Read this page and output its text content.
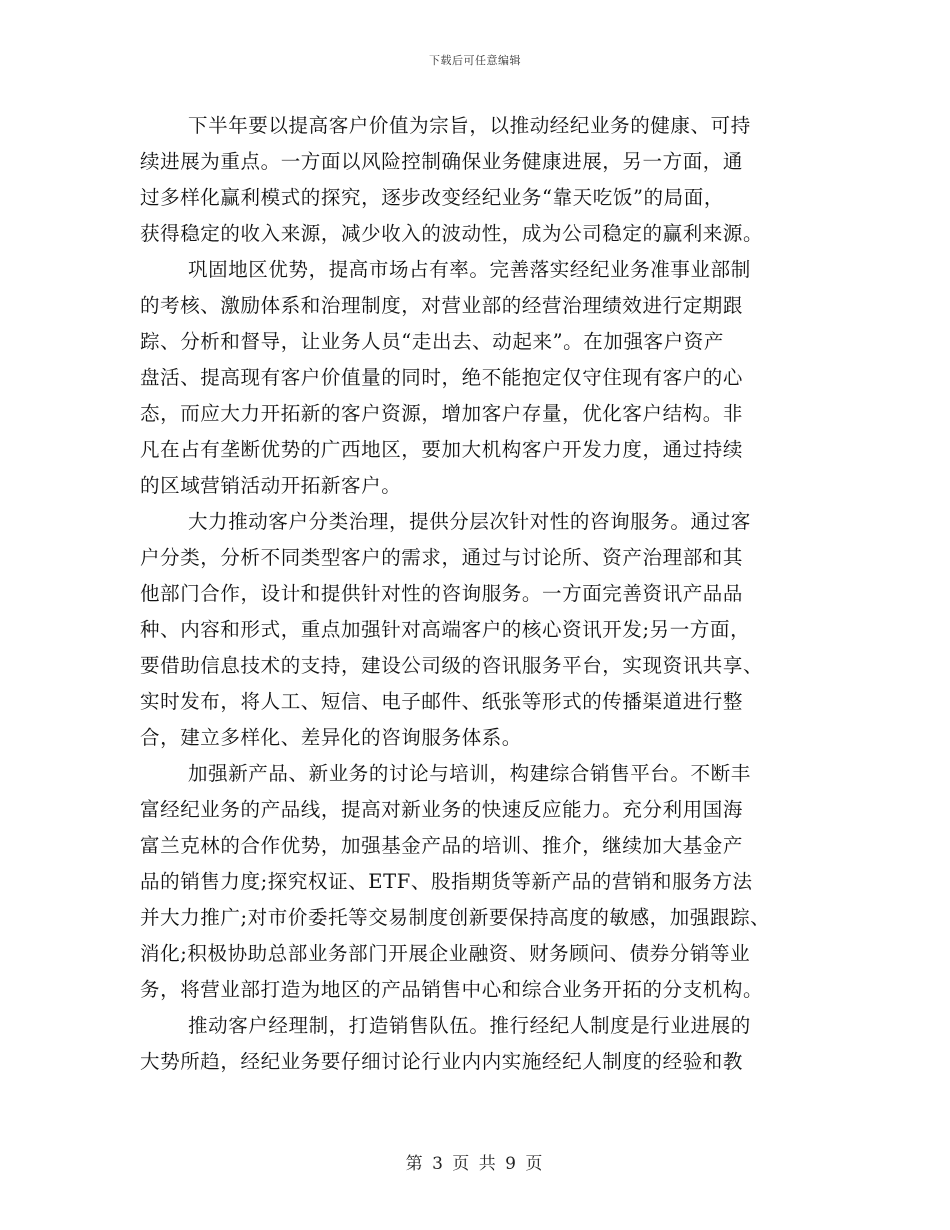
下载后可任意编辑
下半年要以提高客户价值为宗旨，以推动经纪业务的健康、可持
续进展为重点。一方面以风险控制确保业务健康进展，另一方面，通
过多样化赢利模式的探究，逐步改变经纪业务“靠天吃饭”的局面，
获得稳定的收入来源，减少收入的波动性，成为公司稳定的赢利来源。
巩固地区优势，提高市场占有率。完善落实经纪业务准事业部制
的考核、激励体系和治理制度，对营业部的经营治理绩效进行定期跟
踪、分析和督导，让业务人员“走出去、动起来”。在加强客户资产
盘活、提高现有客户价值量的同时，绝不能抱定仅守住现有客户的心
态，而应大力开拓新的客户资源，增加客户存量，优化客户结构。非
凡在占有垄断优势的广西地区，要加大机构客户开发力度，通过持续
的区域营销活动开拓新客户。
大力推动客户分类治理，提供分层次针对性的咨询服务。通过客
户分类，分析不同类型客户的需求，通过与讨论所、资产治理部和其
他部门合作，设计和提供针对性的咨询服务。一方面完善资讯产品品
种、内容和形式，重点加强针对高端客户的核心资讯开发;另一方面，
要借助信息技术的支持，建设公司级的咨讯服务平台，实现资讯共享、
实时发布，将人工、短信、电子邮件、纸张等形式的传播渠道进行整
合，建立多样化、差异化的咨询服务体系。
加强新产品、新业务的讨论与培训，构建综合销售平台。不断丰
富经纪业务的产品线，提高对新业务的快速反应能力。充分利用国海
富兰克林的合作优势，加强基金产品的培训、推介，继续加大基金产
品的销售力度;探究权证、ETF、股指期货等新产品的营销和服务方法
并大力推广;对市价委托等交易制度创新要保持高度的敏感，加强跟踪、
消化;积极协助总部业务部门开展企业融资、财务顾问、债券分销等业
务，将营业部打造为地区的产品销售中心和综合业务开拓的分支机构。
推动客户经理制，打造销售队伍。推行经纪人制度是行业进展的
大势所趋，经纪业务要仔细讨论行业内内实施经纪人制度的经验和教
第 3 页 共 9 页
